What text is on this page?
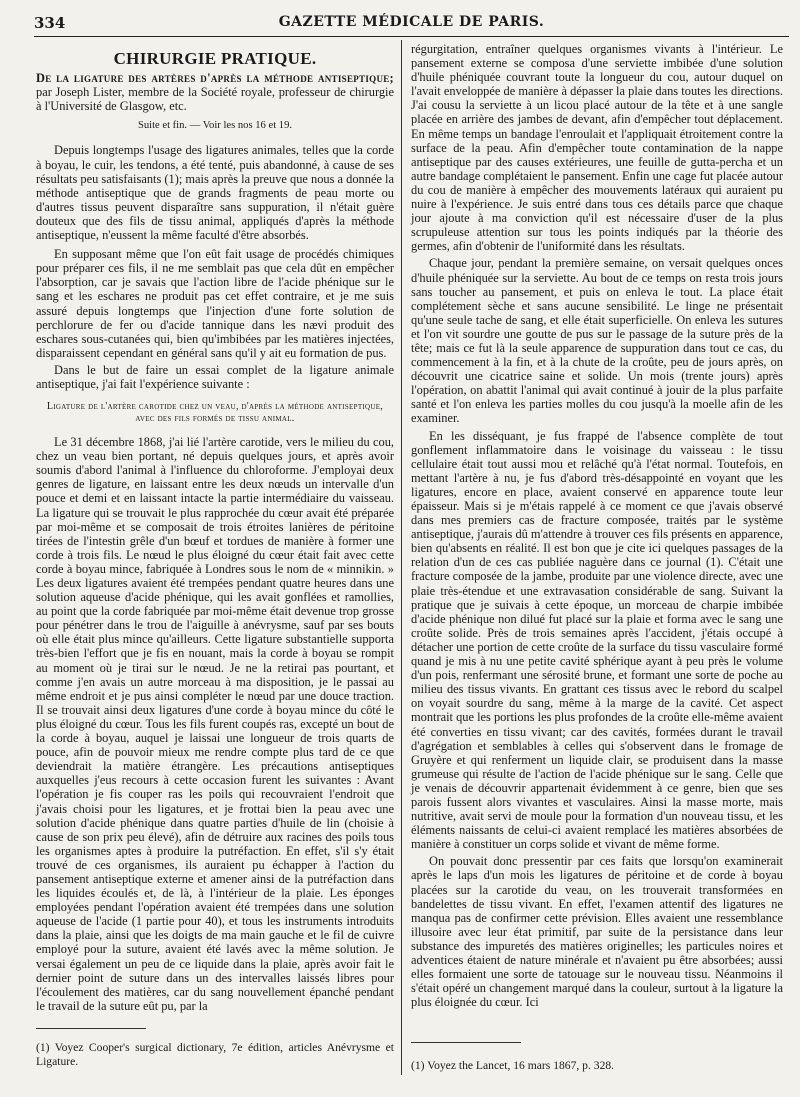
334	GAZETTE MÉDICALE DE PARIS.
CHIRURGIE PRATIQUE.

De la ligature des artères d'après la méthode antiseptique; par Joseph Lister, membre de la Société royale, professeur de chirurgie à l'Université de Glasgow, etc.

Suite et fin. — Voir les nos 16 et 19.

Depuis longtemps l'usage des ligatures animales, telles que la corde à boyau, le cuir, les tendons, a été tenté, puis abandonné, à cause de ses résultats peu satisfaisants (1); mais après la preuve que nous a donnée la méthode antiseptique que de grands fragments de peau morte ou d'autres tissus peuvent disparaître sans suppuration, il n'était guère douteux que des fils de tissu animal, appliqués d'après la méthode antiseptique, n'eussent la même faculté d'être absorbés.

En supposant même que l'on eût fait usage de procédés chimiques pour préparer ces fils, il ne me semblait pas que cela dût en empêcher l'absorption, car je savais que l'action libre de l'acide phénique sur le sang et les eschares ne produit pas cet effet contraire, et je me suis assuré depuis longtemps que l'injection d'une forte solution de perchlorure de fer ou d'acide tannique dans les nævi produit des eschares sous-cutanées qui, bien qu'imbibées par les matières injectées, disparaissent cependant en général sans qu'il y ait eu formation de pus.

Dans le but de faire un essai complet de la ligature animale antiseptique, j'ai fait l'expérience suivante :

Ligature de l'artère carotide chez un veau, d'après la méthode antiseptique, avec des fils formés de tissu animal.

Le 31 décembre 1868, j'ai lié l'artère carotide, vers le milieu du cou, chez un veau bien portant, né depuis quelques jours, et après avoir soumis d'abord l'animal à l'influence du chloroforme. J'employai deux genres de ligature, en laissant entre les deux nœuds un intervalle d'un pouce et demi et en laissant intacte la partie intermédiaire du vaisseau. La ligature qui se trouvait le plus rapprochée du cœur avait été préparée par moi-même et se composait de trois étroites lanières de péritoine tirées de l'intestin grêle d'un bœuf et tordues de manière à former une corde à trois fils. Le nœud le plus éloigné du cœur était fait avec cette corde à boyau mince, fabriquée à Londres sous le nom de « minnikin. » Les deux ligatures avaient été trempées pendant quatre heures dans une solution aqueuse d'acide phénique, qui les avait gonflées et ramollies, au point que la corde fabriquée par moi-même était devenue trop grosse pour pénétrer dans le trou de l'aiguille à anévrysme, sauf par ses bouts où elle était plus mince qu'ailleurs. Cette ligature substantielle supporta très-bien l'effort que je fis en nouant, mais la corde à boyau se rompit au moment où je tirai sur le nœud. Je ne la retirai pas pourtant, et comme j'en avais un autre morceau à ma disposition, je le passai au même endroit et je pus ainsi compléter le nœud par une douce traction. Il se trouvait ainsi deux ligatures d'une corde à boyau mince du côté le plus éloigné du cœur. Tous les fils furent coupés ras, excepté un bout de la corde à boyau, auquel je laissai une longueur de trois quarts de pouce, afin de pouvoir mieux me rendre compte plus tard de ce que deviendrait la matière étrangère. Les précautions antiseptiques auxquelles j'eus recours à cette occasion furent les suivantes : Avant l'opération je fis couper ras les poils qui recouvraient l'endroit que j'avais choisi pour les ligatures, et je frottai bien la peau avec une solution d'acide phénique dans quatre parties d'huile de lin (choisie à cause de son prix peu élevé), afin de détruire aux racines des poils tous les organismes aptes à produire la putréfaction. En effet, s'il s'y était trouvé de ces organismes, ils auraient pu échapper à l'action du pansement antiseptique externe et amener ainsi de la putréfaction dans les liquides écoulés et, de là, à l'intérieur de la plaie. Les éponges employées pendant l'opération avaient été trempées dans une solution aqueuse de l'acide (1 partie pour 40), et tous les instruments introduits dans la plaie, ainsi que les doigts de ma main gauche et le fil de cuivre employé pour la suture, avaient été lavés avec la même solution. Je versai également un peu de ce liquide dans la plaie, après avoir fait le dernier point de suture dans un des intervalles laissés libres pour l'écoulement des matières, car du sang nouvellement épanché pendant le travail de la suture eût pu, par la

régurgitation, entraîner quelques organismes vivants à l'intérieur. Le pansement externe se composa d'une serviette imbibée d'une solution d'huile phéniquée couvrant toute la longueur du cou, autour duquel on l'avait enveloppée de manière à dépasser la plaie dans toutes les directions. J'ai cousu la serviette à un licou placé autour de la tête et à une sangle placée en arrière des jambes de devant, afin d'empêcher tout déplacement. En même temps un bandage l'enroulait et l'appliquait étroitement contre la surface de la peau. Afin d'empêcher toute contamination de la nappe antiseptique par des causes extérieures, une feuille de gutta-percha et un autre bandage complétaient le pansement. Enfin une cage fut placée autour du cou de manière à empêcher des mouvements latéraux qui auraient pu nuire à l'expérience. Je suis entré dans tous ces détails parce que chaque jour ajoute à ma conviction qu'il est nécessaire d'user de la plus scrupuleuse attention sur tous les points indiqués par la théorie des germes, afin d'obtenir de l'uniformité dans les résultats.

Chaque jour, pendant la première semaine, on versait quelques onces d'huile phéniquée sur la serviette. Au bout de ce temps on resta trois jours sans toucher au pansement, et puis on enleva le tout. La place était complétement sèche et sans aucune sensibilité. Le linge ne présentait qu'une seule tache de sang, et elle était superficielle. On enleva les sutures et l'on vit sourdre une goutte de pus sur le passage de la suture près de la tête; mais ce fut là la seule apparence de suppuration dans tout ce cas, du commencement à la fin, et à la chute de la croûte, peu de jours après, on découvrit une cicatrice saine et solide. Un mois (trente jours) après l'opération, on abattit l'animal qui avait continué à jouir de la plus parfaite santé et l'on enleva les parties molles du cou jusqu'à la moelle afin de les examiner.

En les disséquant, je fus frappé de l'absence complète de tout gonflement inflammatoire dans le voisinage du vaisseau : le tissu cellulaire était tout aussi mou et relâché qu'à l'état normal. Toutefois, en mettant l'artère à nu, je fus d'abord très-désappointé en voyant que les ligatures, encore en place, avaient conservé en apparence toute leur épaisseur. Mais si je m'étais rappelé à ce moment ce que j'avais observé dans mes premiers cas de fracture composée, traités par le système antiseptique, j'aurais dû m'attendre à trouver ces fils présents en apparence, bien qu'absents en réalité. Il est bon que je cite ici quelques passages de la relation d'un de ces cas publiée naguère dans ce journal (1). C'était une fracture composée de la jambe, produite par une violence directe, avec une plaie très-étendue et une extravasation considérable de sang. Suivant la pratique que je suivais à cette époque, un morceau de charpie imbibée d'acide phénique non dilué fut placé sur la plaie et forma avec le sang une croûte solide. Près de trois semaines après l'accident, j'étais occupé à détacher une portion de cette croûte de la surface du tissu vasculaire formé quand je mis à nu une petite cavité sphérique ayant à peu près le volume d'un pois, renfermant une sérosité brune, et formant une sorte de poche au milieu des tissus vivants. En grattant ces tissus avec le rebord du scalpel on voyait sourdre du sang, même à la marge de la cavité. Cet aspect montrait que les portions les plus profondes de la croûte elle-même avaient été converties en tissu vivant; car des cavités, formées durant le travail d'agrégation et semblables à celles qui s'observent dans le fromage de Gruyère et qui renferment un liquide clair, se produisent dans la masse grumeuse qui résulte de l'action de l'acide phénique sur le sang. Celle que je venais de découvrir appartenait évidemment à ce genre, bien que ses parois fussent alors vivantes et vasculaires. Ainsi la masse morte, mais nutritive, avait servi de moule pour la formation d'un nouveau tissu, et les éléments naissants de celui-ci avaient remplacé les matières absorbées de manière à constituer un corps solide et vivant de même forme.

On pouvait donc pressentir par ces faits que lorsqu'on examinerait après le laps d'un mois les ligatures de péritoine et de corde à boyau placées sur la carotide du veau, on les trouverait transformées en bandelettes de tissu vivant. En effet, l'examen attentif des ligatures ne manqua pas de confirmer cette prévision. Elles avaient une ressemblance illusoire avec leur état primitif, par suite de la persistance dans leur substance des impuretés des matières originelles; les particules noires et adventices étaient de nature minérale et n'avaient pu être absorbées; aussi elles formaient une sorte de tatouage sur le nouveau tissu. Néanmoins il s'était opéré un changement marqué dans la couleur, surtout à la ligature la plus éloignée du cœur. Ici

(1) Voyez Cooper's surgical dictionary, 7e édition, articles Anévrysme et Ligature.	(1) Voyez the Lancet, 16 mars 1867, p. 328.
